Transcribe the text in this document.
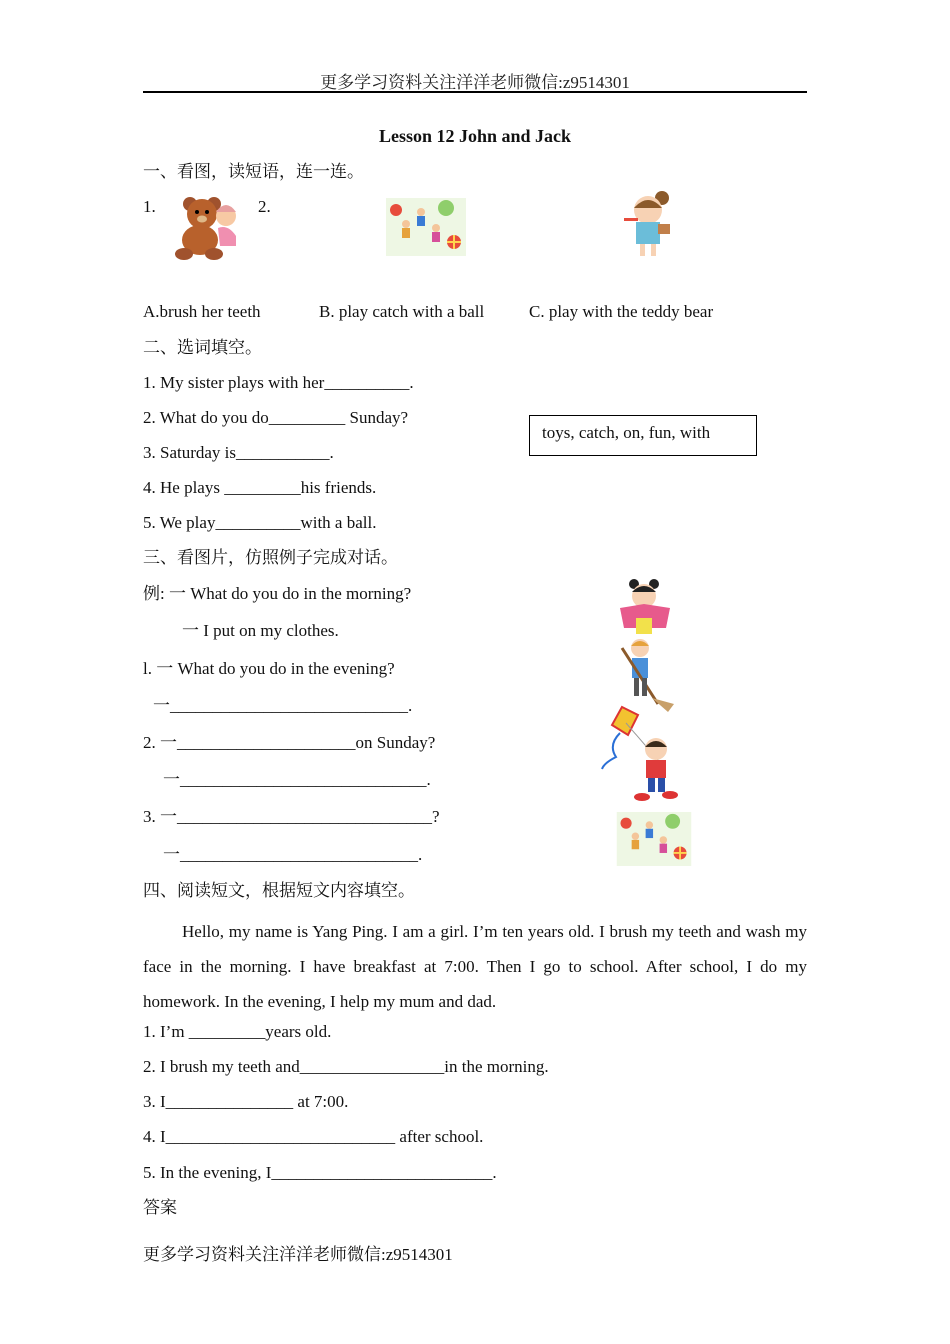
更多学习资料关注洋洋老师微信:z9514301
Lesson 12 John and Jack
一、看图，读短语，连一连。
1.	2.
A.brush her teeth	B. play catch with a ball	C. play with the teddy bear
二、选词填空。
1. My sister plays with her__________.
2. What do you do_________ Sunday?
3. Saturday is___________.
4. He plays _________his friends.
5. We play__________with a ball.
toys, catch, on, fun, with
三、看图片，仿照例子完成对话。
例: 一 What do you do in the morning?
一 I put on my clothes.
l. 一 What do you do in the evening?
一____________________________.
2. 一_____________________on Sunday?
一_____________________________.
3. 一______________________________?
一____________________________.
四、阅读短文，根据短文内容填空。
Hello, my name is Yang Ping. I am a girl. I’m ten years old. I brush my teeth and wash my face in the morning. I have breakfast at 7:00. Then I go to school. After school, I do my homework. In the evening, I help my mum and dad.
1. I’m _________years old.
2. I brush my teeth and_________________in the morning.
3. I_______________ at 7:00.
4. I___________________________ after school.
5. In the evening, I__________________________.
答案
更多学习资料关注洋洋老师微信:z9514301
